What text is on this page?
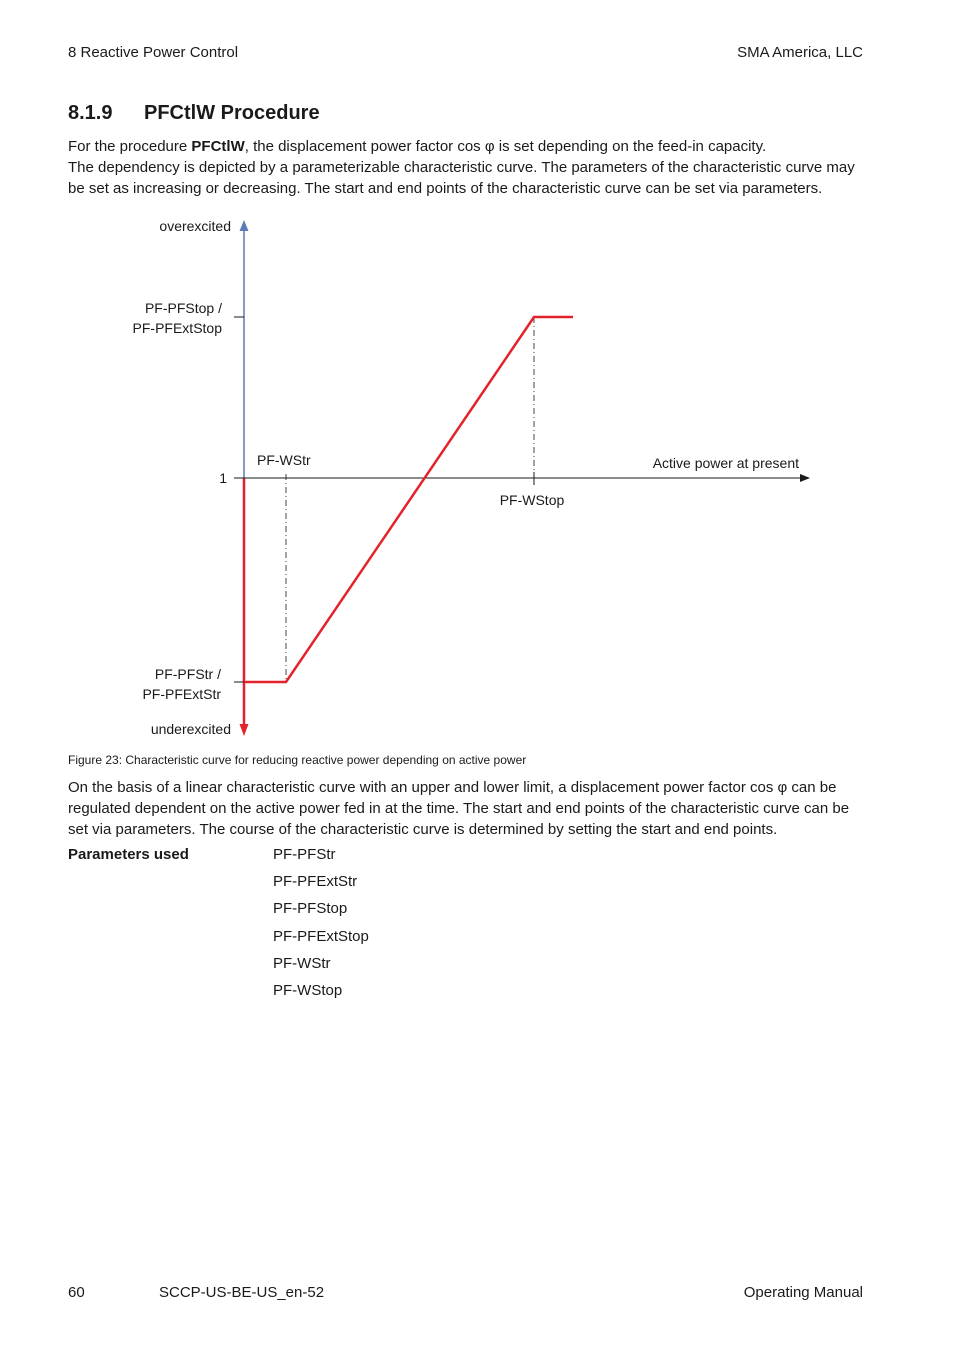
8 Reactive Power Control	SMA America, LLC
8.1.9 PFCtlW Procedure
For the procedure PFCtlW, the displacement power factor cos φ is set depending on the feed-in capacity.
The dependency is depicted by a parameterizable characteristic curve. The parameters of the characteristic curve may be set as increasing or decreasing. The start and end points of the characteristic curve can be set via parameters.
overexcited
PF-PFStop /
PF-PFExtStop
1
PF-WStr	Active power at present
PF-WStop
PF-PFStr /
PF-PFExtStr
underexcited
Figure 23: Characteristic curve for reducing reactive power depending on active power
On the basis of a linear characteristic curve with an upper and lower limit, a displacement power factor cos φ can be regulated dependent on the active power fed in at the time. The start and end points of the characteristic curve can be set via parameters. The course of the characteristic curve is determined by setting the start and end points.
Parameters used	PF-PFStr
PF-PFExtStr
PF-PFStop
PF-PFExtStop
PF-WStr
PF-WStop
60	SCCP-US-BE-US_en-52	Operating Manual
